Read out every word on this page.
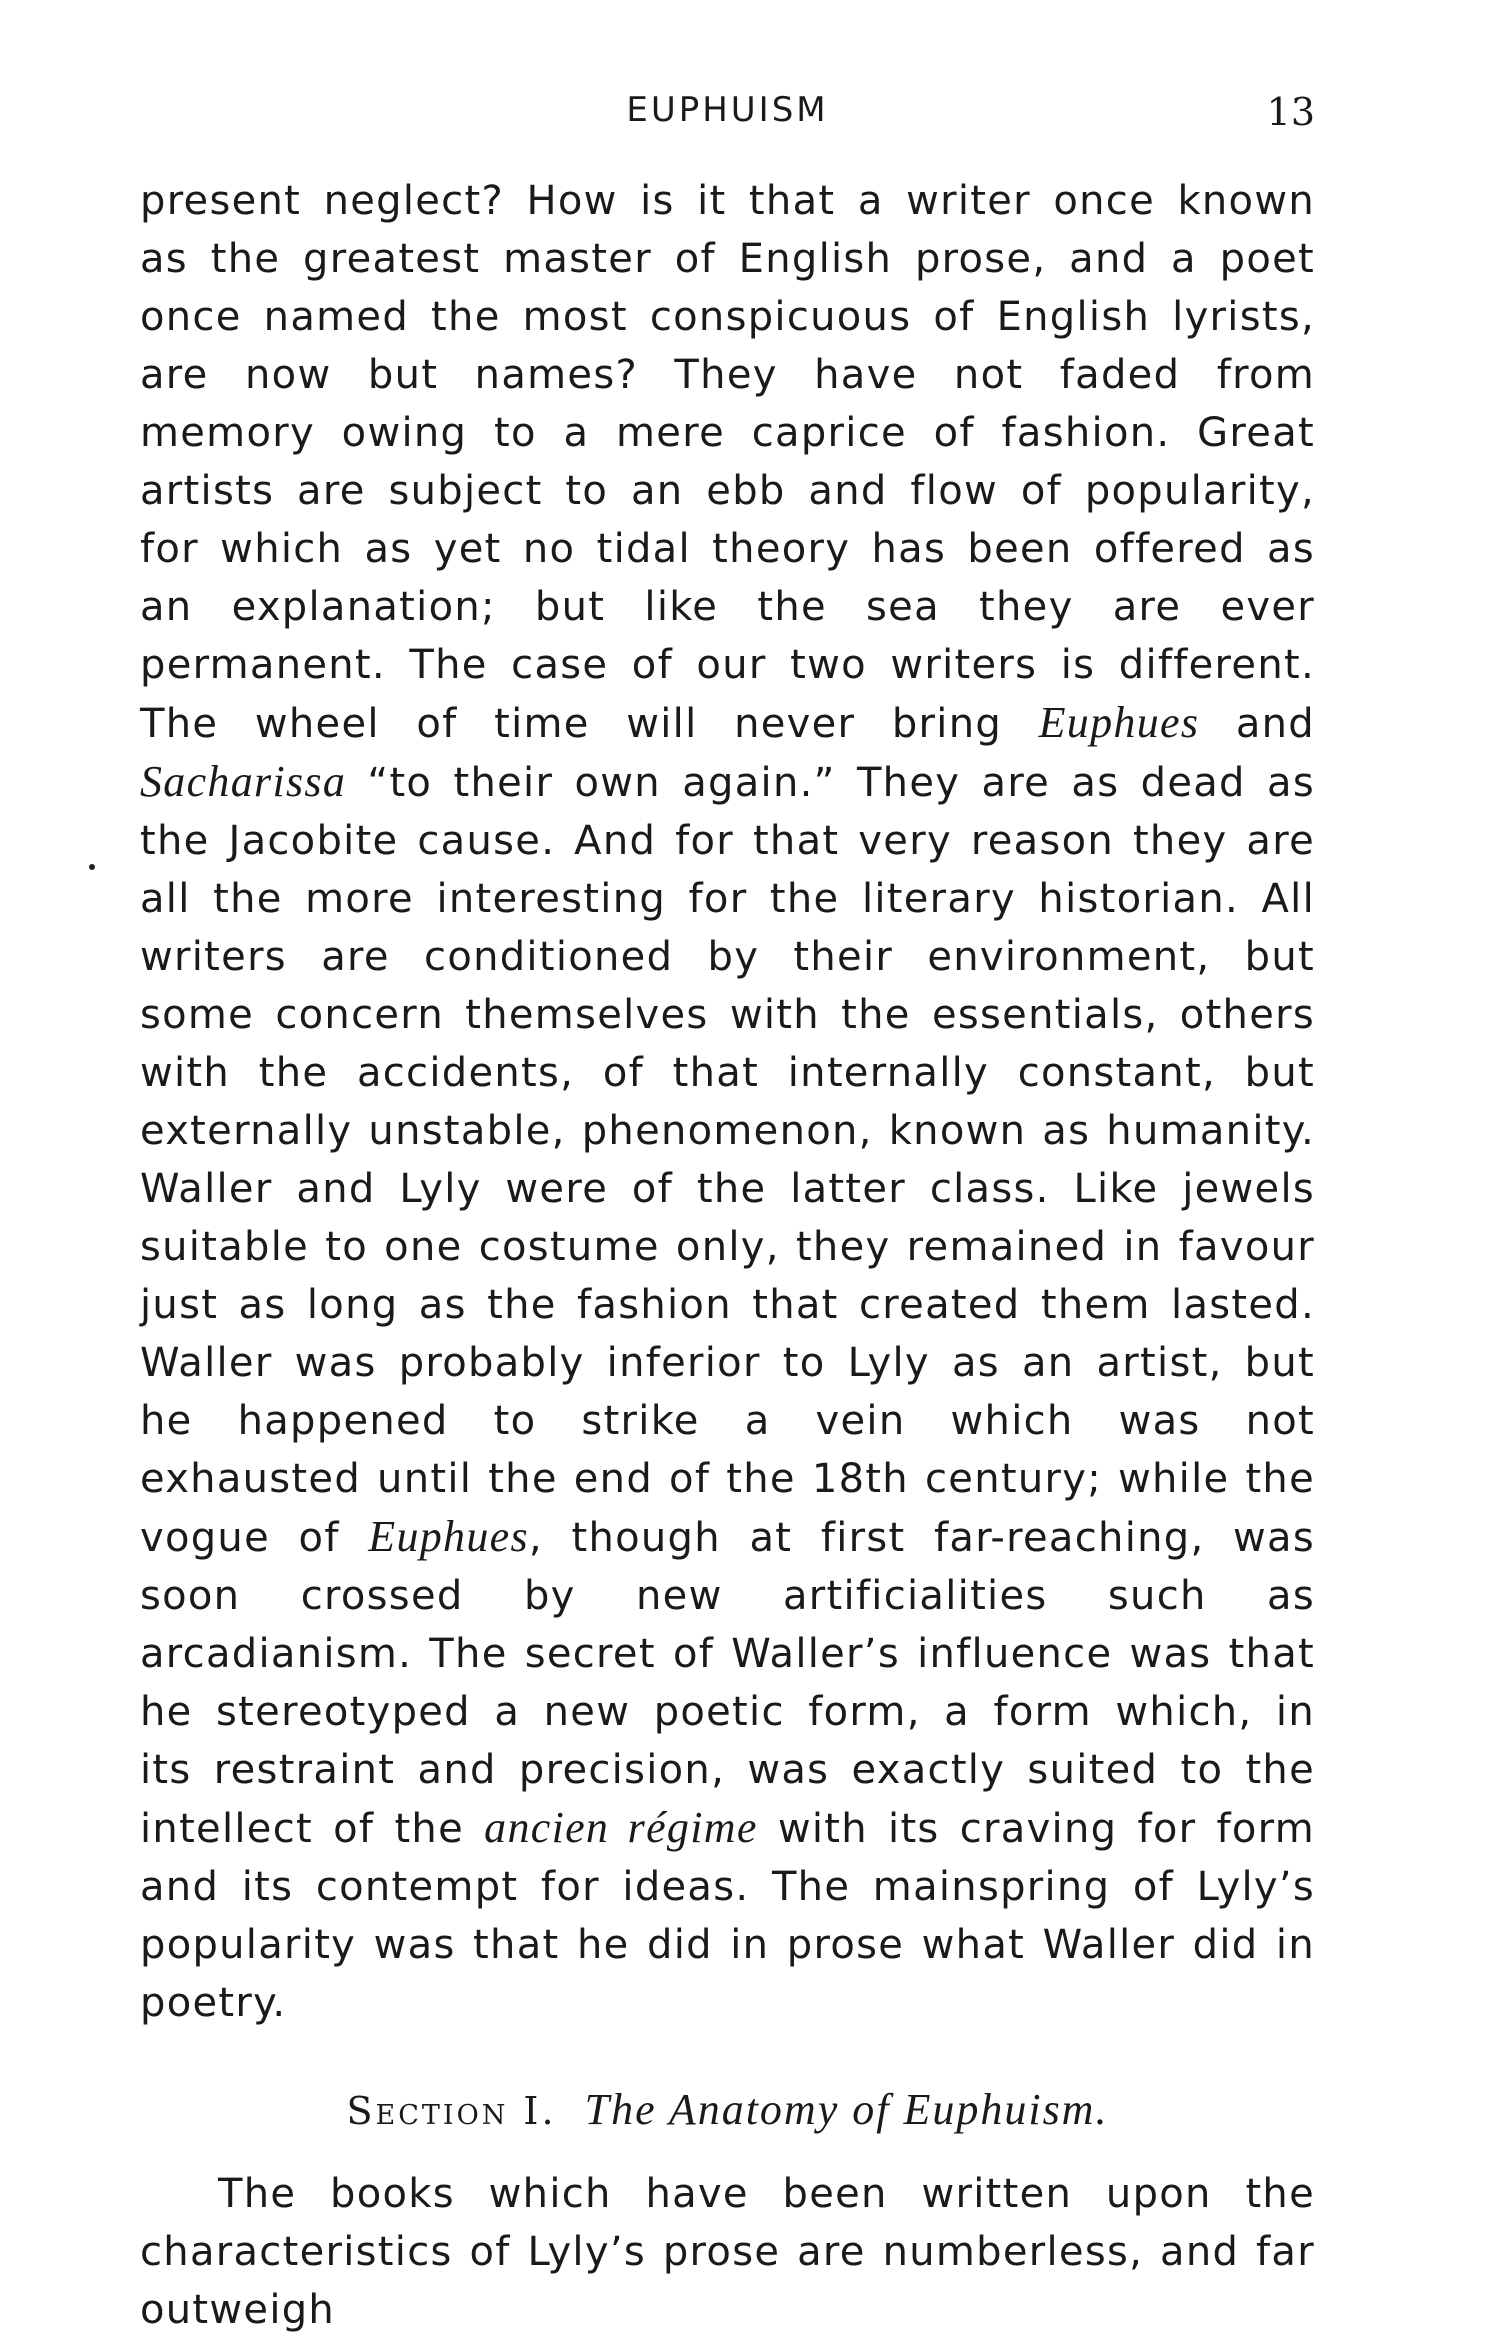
EUPHUISM	13

present neglect? How is it that a writer once known as the greatest master of English prose, and a poet once named the most conspicuous of English lyrists, are now but names? They have not faded from memory owing to a mere caprice of fashion. Great artists are subject to an ebb and flow of popularity, for which as yet no tidal theory has been offered as an explanation; but like the sea they are ever permanent. The case of our two writers is different. The wheel of time will never bring Euphues and Sacharissa “to their own again.” They are as dead as the Jacobite cause. And for that very reason they are all the more interesting for the literary historian. All writers are conditioned by their environment, but some concern themselves with the essentials, others with the accidents, of that internally constant, but externally unstable, phenomenon, known as humanity. Waller and Lyly were of the latter class. Like jewels suitable to one costume only, they remained in favour just as long as the fashion that created them lasted. Waller was probably inferior to Lyly as an artist, but he happened to strike a vein which was not exhausted until the end of the 18th century; while the vogue of Euphues, though at first far-reaching, was soon crossed by new artificialities such as arcadianism. The secret of Waller’s influence was that he stereotyped a new poetic form, a form which, in its restraint and precision, was exactly suited to the intellect of the ancien régime with its craving for form and its contempt for ideas. The mainspring of Lyly’s popularity was that he did in prose what Waller did in poetry.

Section I. The Anatomy of Euphuism.

The books which have been written upon the characteristics of Lyly’s prose are numberless, and far outweigh
